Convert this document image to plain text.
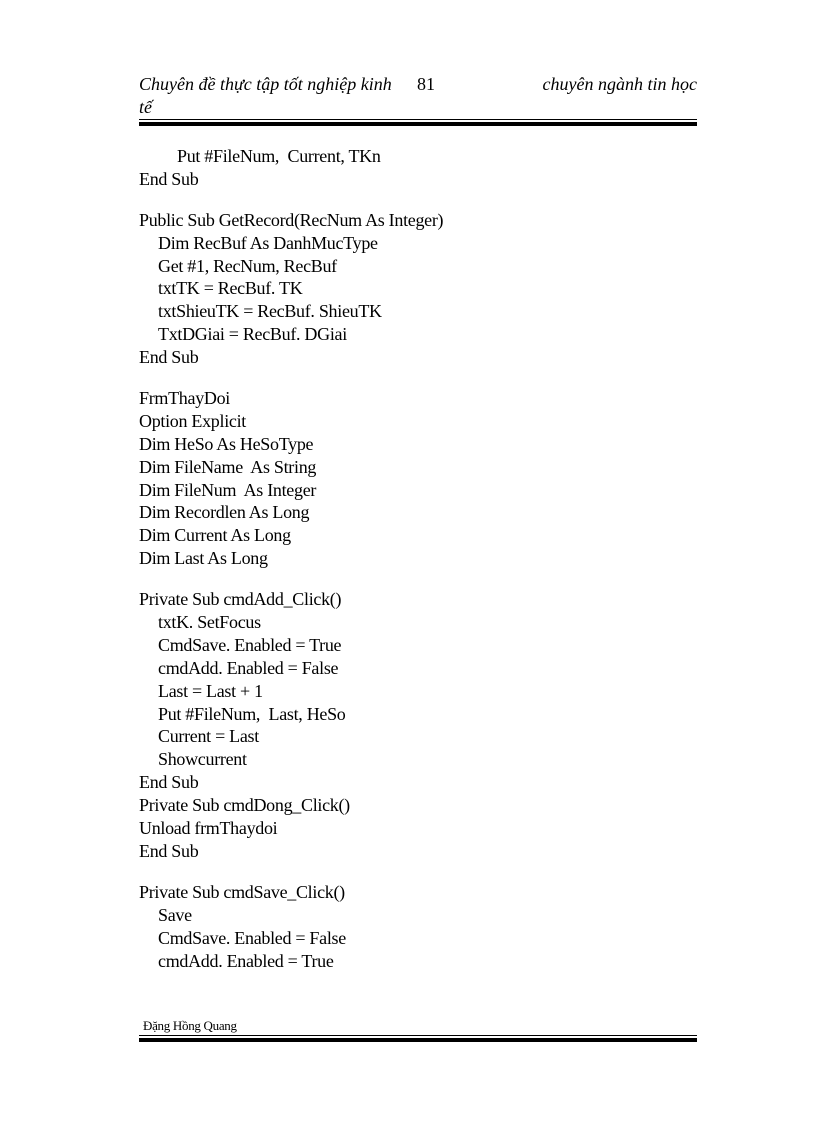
Chuyên đề thực tập tốt nghiệp kinh tế
81	chuyên ngành tin học
Put #FileNum,  Current, TKn
End Sub
Public Sub GetRecord(RecNum As Integer)
Dim RecBuf As DanhMucType
Get #1, RecNum, RecBuf
txtTK = RecBuf. TK
txtShieuTK = RecBuf. ShieuTK
TxtDGiai = RecBuf. DGiai
End Sub
FrmThayDoi
Option Explicit
Dim HeSo As HeSoType
Dim FileName  As String
Dim FileNum  As Integer
Dim Recordlen As Long
Dim Current As Long
Dim Last As Long
Private Sub cmdAdd_Click()
txtK. SetFocus
CmdSave. Enabled = True
cmdAdd. Enabled = False
Last = Last + 1
Put #FileNum,  Last, HeSo
Current = Last
Showcurrent
End Sub
Private Sub cmdDong_Click()
Unload frmThaydoi
End Sub
Private Sub cmdSave_Click()
Save
CmdSave. Enabled = False
cmdAdd. Enabled = True
Đặng Hồng Quang
